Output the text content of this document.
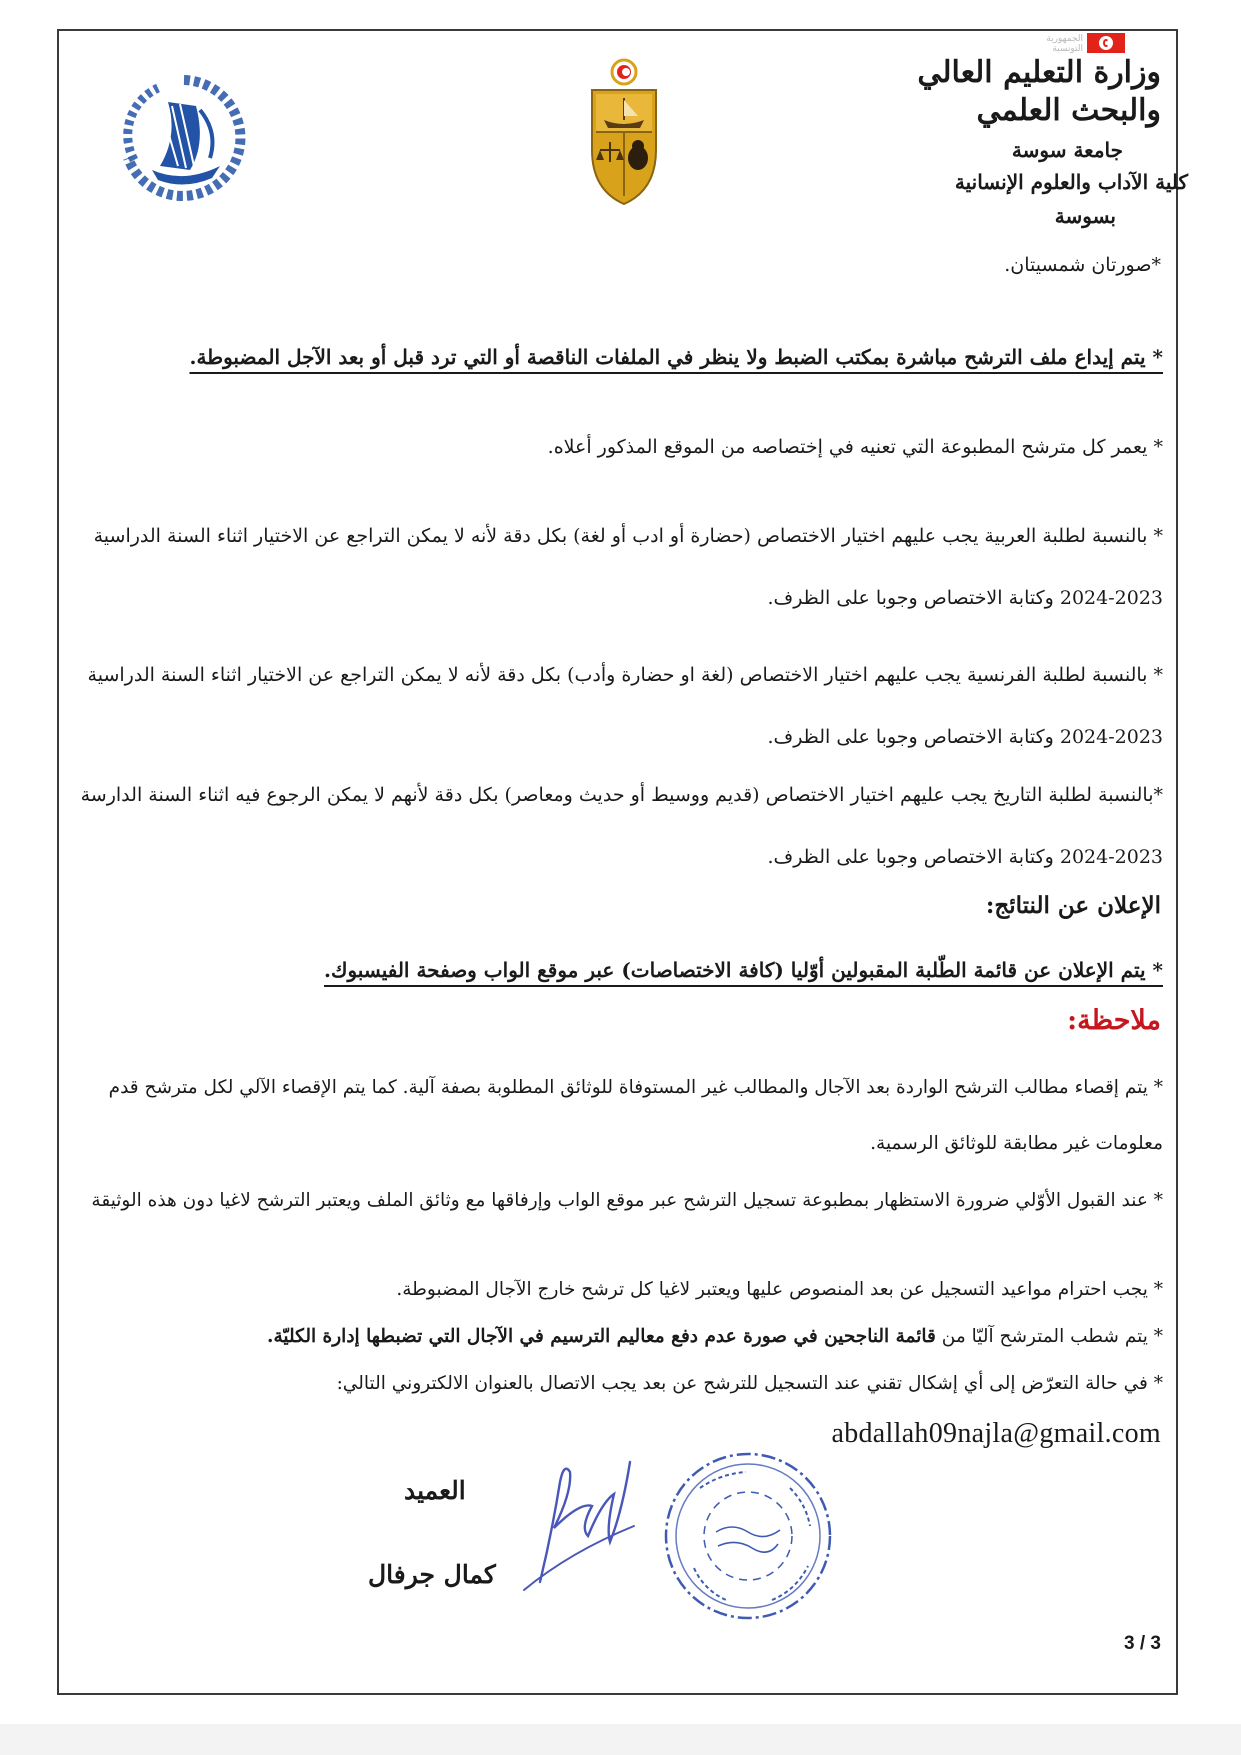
الجمهورية
التونسية
وزارة التعليم العالي
والبحث العلمي
جامعة سوسة
كلية الآداب والعلوم الإنسانية
بسوسة
*صورتان شمسيتان.
* يتم إيداع ملف الترشح مباشرة بمكتب الضبط ولا ينظر في الملفات الناقصة أو التي ترد قبل أو بعد الآجل المضبوطة.
* يعمر كل مترشح المطبوعة التي تعنيه في إختصاصه من الموقع المذكور أعلاه.
* بالنسبة لطلبة العربية يجب عليهم اختيار الاختصاص (حضارة أو ادب أو لغة) بكل دقة لأنه لا يمكن التراجع عن الاختيار اثناء السنة الدراسية 2023-2024 وكتابة الاختصاص وجوبا على الظرف.
* بالنسبة لطلبة الفرنسية يجب عليهم اختيار الاختصاص (لغة او حضارة وأدب) بكل دقة لأنه لا يمكن التراجع عن الاختيار اثناء السنة الدراسية 2023-2024 وكتابة الاختصاص وجوبا على الظرف.
*بالنسبة لطلبة التاريخ يجب عليهم اختيار الاختصاص (قديم ووسيط أو حديث ومعاصر) بكل دقة لأنهم لا يمكن الرجوع فيه اثناء السنة الدارسة 2023-2024 وكتابة الاختصاص وجوبا على الظرف.
الإعلان عن النتائج:
* يتم الإعلان عن قائمة الطّلبة المقبولين أوّليا (كافة الاختصاصات) عبر موقع الواب وصفحة الفيسبوك.
ملاحظة:
* يتم إقصاء مطالب الترشح الواردة بعد الآجال والمطالب غير المستوفاة للوثائق المطلوبة بصفة آلية. كما يتم الإقصاء الآلي لكل مترشح قدم معلومات غير مطابقة للوثائق الرسمية.
* عند القبول الأوّلي ضرورة الاستظهار بمطبوعة تسجيل الترشح عبر موقع الواب وإرفاقها مع وثائق الملف ويعتبر الترشح لاغيا دون هذه الوثيقة
* يجب احترام مواعيد التسجيل عن بعد المنصوص عليها ويعتبر لاغيا كل ترشح خارج الآجال المضبوطة.
* يتم شطب المترشح آليّا من قائمة الناجحين في صورة عدم دفع معاليم الترسيم في الآجال التي تضبطها إدارة الكليّة.
* في حالة التعرّض إلى أي إشكال تقني عند التسجيل للترشح عن بعد يجب الاتصال بالعنوان الالكتروني التالي:
abdallah09najla@gmail.com
العميد
كمال جرفال
3 / 3
